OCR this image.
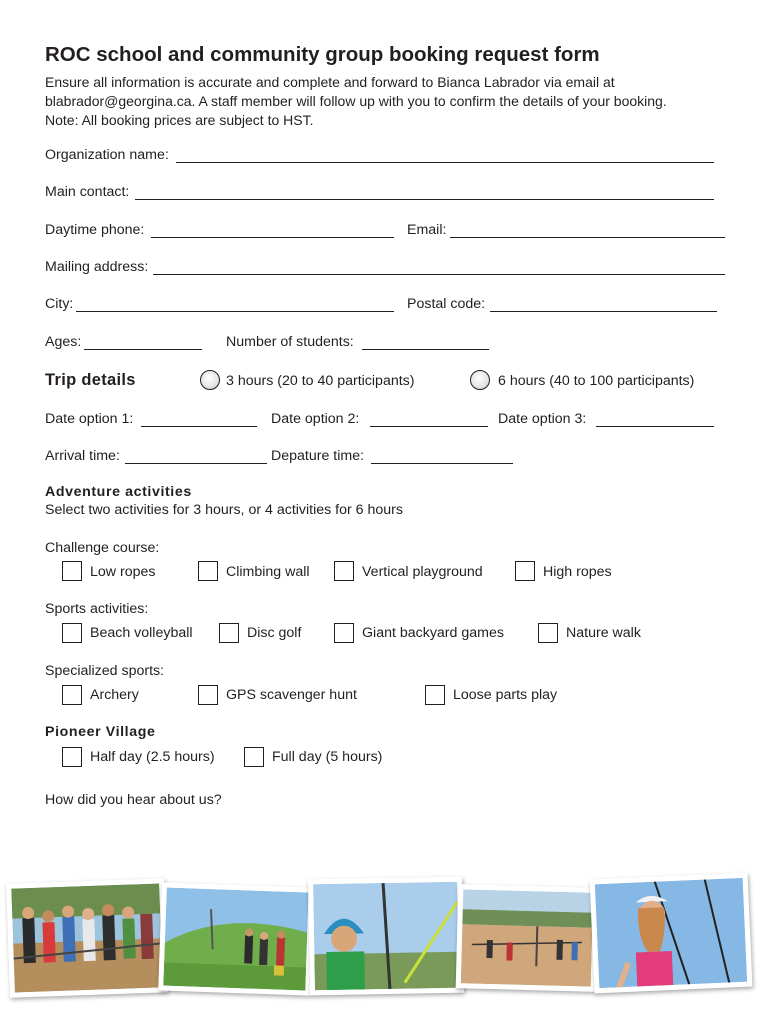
ROC school and community group booking request form
Ensure all information is accurate and complete and forward to Bianca Labrador via email at
blabrador@georgina.ca. A staff member will follow up with you to confirm the details of your booking.
Note: All booking prices are subject to HST.
Organization name:
Main contact:
Daytime phone:	Email:
Mailing address:
City:	Postal code:
Ages:	Number of students:
Trip details	3 hours (20 to 40 participants)	6 hours (40 to 100 participants)
Date option 1:	Date option 2:	Date option 3:
Arrival time:	Depature time:
Adventure activities
Select two activities for 3 hours, or 4 activities for 6 hours
Challenge course:
Low ropes	Climbing wall	Vertical playground	High ropes
Sports activities:
Beach volleyball	Disc golf	Giant backyard games	Nature walk
Specialized sports:
Archery	GPS scavenger hunt	Loose parts play
Pioneer Village
Half day (2.5 hours)	Full day (5 hours)
How did you hear about us?
